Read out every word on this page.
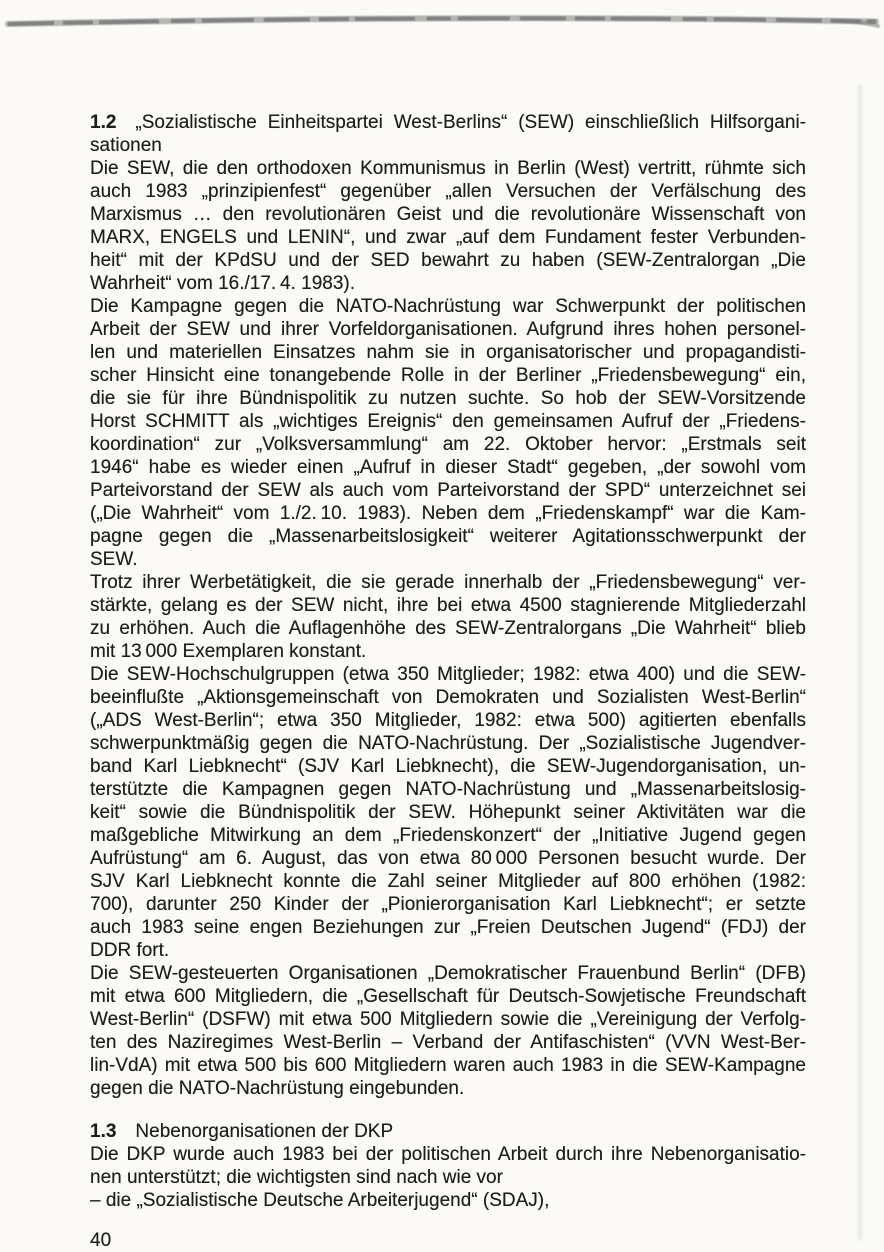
1.2 „Sozialistische Einheitspartei West-Berlins“ (SEW) einschließlich Hilfsorgani-
sationen
Die SEW, die den orthodoxen Kommunismus in Berlin (West) vertritt, rühmte sich
auch 1983 „prinzipienfest“ gegenüber „allen Versuchen der Verfälschung des
Marxismus … den revolutionären Geist und die revolutionäre Wissenschaft von
MARX, ENGELS und LENIN“, und zwar „auf dem Fundament fester Verbunden-
heit“ mit der KPdSU und der SED bewahrt zu haben (SEW-Zentralorgan „Die
Wahrheit“ vom 16./17. 4. 1983).
Die Kampagne gegen die NATO-Nachrüstung war Schwerpunkt der politischen
Arbeit der SEW und ihrer Vorfeldorganisationen. Aufgrund ihres hohen personel-
len und materiellen Einsatzes nahm sie in organisatorischer und propagandisti-
scher Hinsicht eine tonangebende Rolle in der Berliner „Friedensbewegung“ ein,
die sie für ihre Bündnispolitik zu nutzen suchte. So hob der SEW-Vorsitzende
Horst SCHMITT als „wichtiges Ereignis“ den gemeinsamen Aufruf der „Friedens-
koordination“ zur „Volksversammlung“ am 22. Oktober hervor: „Erstmals seit
1946“ habe es wieder einen „Aufruf in dieser Stadt“ gegeben, „der sowohl vom
Parteivorstand der SEW als auch vom Parteivorstand der SPD“ unterzeichnet sei
(„Die Wahrheit“ vom 1./2. 10. 1983). Neben dem „Friedenskampf“ war die Kam-
pagne gegen die „Massenarbeitslosigkeit“ weiterer Agitationsschwerpunkt der
SEW.
Trotz ihrer Werbetätigkeit, die sie gerade innerhalb der „Friedensbewegung“ ver-
stärkte, gelang es der SEW nicht, ihre bei etwa 4500 stagnierende Mitgliederzahl
zu erhöhen. Auch die Auflagenhöhe des SEW-Zentralorgans „Die Wahrheit“ blieb
mit 13 000 Exemplaren konstant.
Die SEW-Hochschulgruppen (etwa 350 Mitglieder; 1982: etwa 400) und die SEW-
beeinflußte „Aktionsgemeinschaft von Demokraten und Sozialisten West-Berlin“
(„ADS West-Berlin“; etwa 350 Mitglieder, 1982: etwa 500) agitierten ebenfalls
schwerpunktmäßig gegen die NATO-Nachrüstung. Der „Sozialistische Jugendver-
band Karl Liebknecht“ (SJV Karl Liebknecht), die SEW-Jugendorganisation, un-
terstützte die Kampagnen gegen NATO-Nachrüstung und „Massenarbeitslosig-
keit“ sowie die Bündnispolitik der SEW. Höhepunkt seiner Aktivitäten war die
maßgebliche Mitwirkung an dem „Friedenskonzert“ der „Initiative Jugend gegen
Aufrüstung“ am 6. August, das von etwa 80 000 Personen besucht wurde. Der
SJV Karl Liebknecht konnte die Zahl seiner Mitglieder auf 800 erhöhen (1982:
700), darunter 250 Kinder der „Pionierorganisation Karl Liebknecht“; er setzte
auch 1983 seine engen Beziehungen zur „Freien Deutschen Jugend“ (FDJ) der
DDR fort.
Die SEW-gesteuerten Organisationen „Demokratischer Frauenbund Berlin“ (DFB)
mit etwa 600 Mitgliedern, die „Gesellschaft für Deutsch-Sowjetische Freundschaft
West-Berlin“ (DSFW) mit etwa 500 Mitgliedern sowie die „Vereinigung der Verfolg-
ten des Naziregimes West-Berlin – Verband der Antifaschisten“ (VVN West-Ber-
lin-VdA) mit etwa 500 bis 600 Mitgliedern waren auch 1983 in die SEW-Kampagne
gegen die NATO-Nachrüstung eingebunden.
1.3 Nebenorganisationen der DKP
Die DKP wurde auch 1983 bei der politischen Arbeit durch ihre Nebenorganisatio-
nen unterstützt; die wichtigsten sind nach wie vor
– die „Sozialistische Deutsche Arbeiterjugend“ (SDAJ),
40
